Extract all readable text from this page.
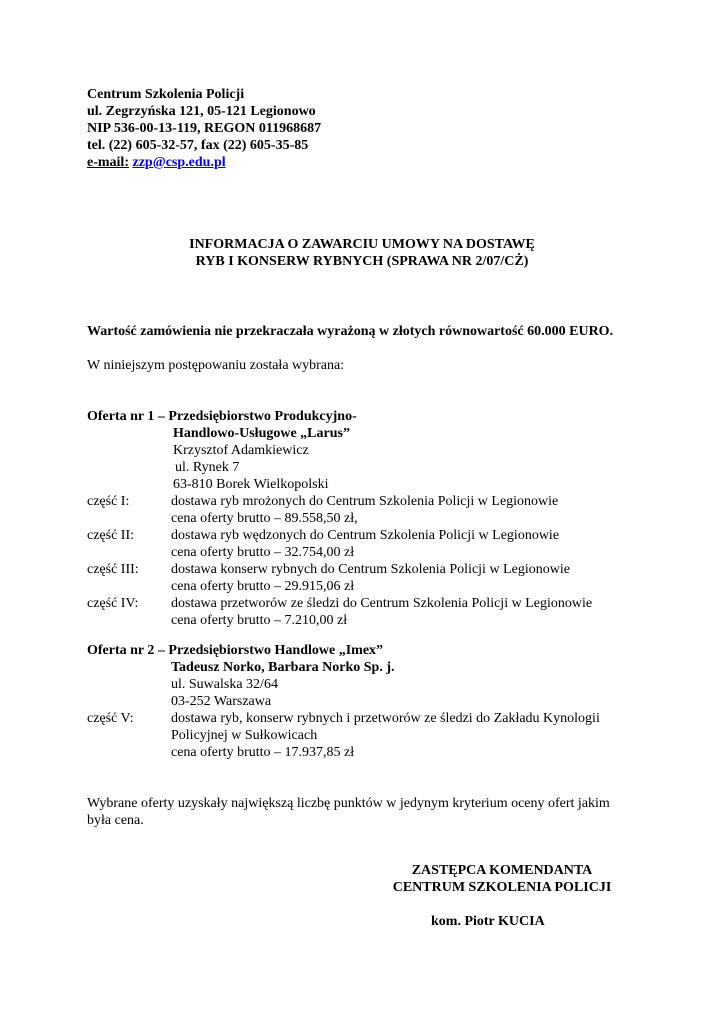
Centrum Szkolenia Policji
ul. Zegrzyńska 121, 05-121 Legionowo
NIP 536-00-13-119, REGON 011968687
tel. (22) 605-32-57, fax (22) 605-35-85
e-mail: zzp@csp.edu.pl
INFORMACJA O ZAWARCIU UMOWY NA DOSTAWĘ
RYB I KONSERW RYBNYCH (SPRAWA NR 2/07/CŻ)
Wartość zamówienia nie przekraczała wyrażoną w złotych równowartość 60.000 EURO.
W niniejszym postępowaniu została wybrana:
Oferta nr 1 – Przedsiębiorstwo Produkcyjno-
Handlowo-Usługowe „Larus”
Krzysztof Adamkiewicz
ul. Rynek 7
63-810 Borek Wielkopolski
część I:	dostawa ryb mrożonych do Centrum Szkolenia Policji w Legionowie
cena oferty brutto – 89.558,50 zł,
część II:	dostawa ryb wędzonych do Centrum Szkolenia Policji w Legionowie
cena oferty brutto – 32.754,00 zł
część III: dostawa konserw rybnych do Centrum Szkolenia Policji w Legionowie
cena oferty brutto – 29.915,06 zł
część IV: dostawa przetworów ze śledzi do Centrum Szkolenia Policji w Legionowie
cena oferty brutto – 7.210,00 zł
Oferta nr 2 – Przedsiębiorstwo Handlowe „Imex”
Tadeusz Norko, Barbara Norko Sp. j.
ul. Suwalska 32/64
03-252 Warszawa
część V:	dostawa ryb, konserw rybnych i przetworów ze śledzi do Zakładu Kynologii
Policyjnej w Sułkowicach
cena oferty brutto – 17.937,85 zł
Wybrane oferty uzyskały największą liczbę punktów w jedynym kryterium oceny ofert jakim
była cena.
ZASTĘPCA KOMENDANTA
CENTRUM SZKOLENIA POLICJI
kom. Piotr KUCIA
